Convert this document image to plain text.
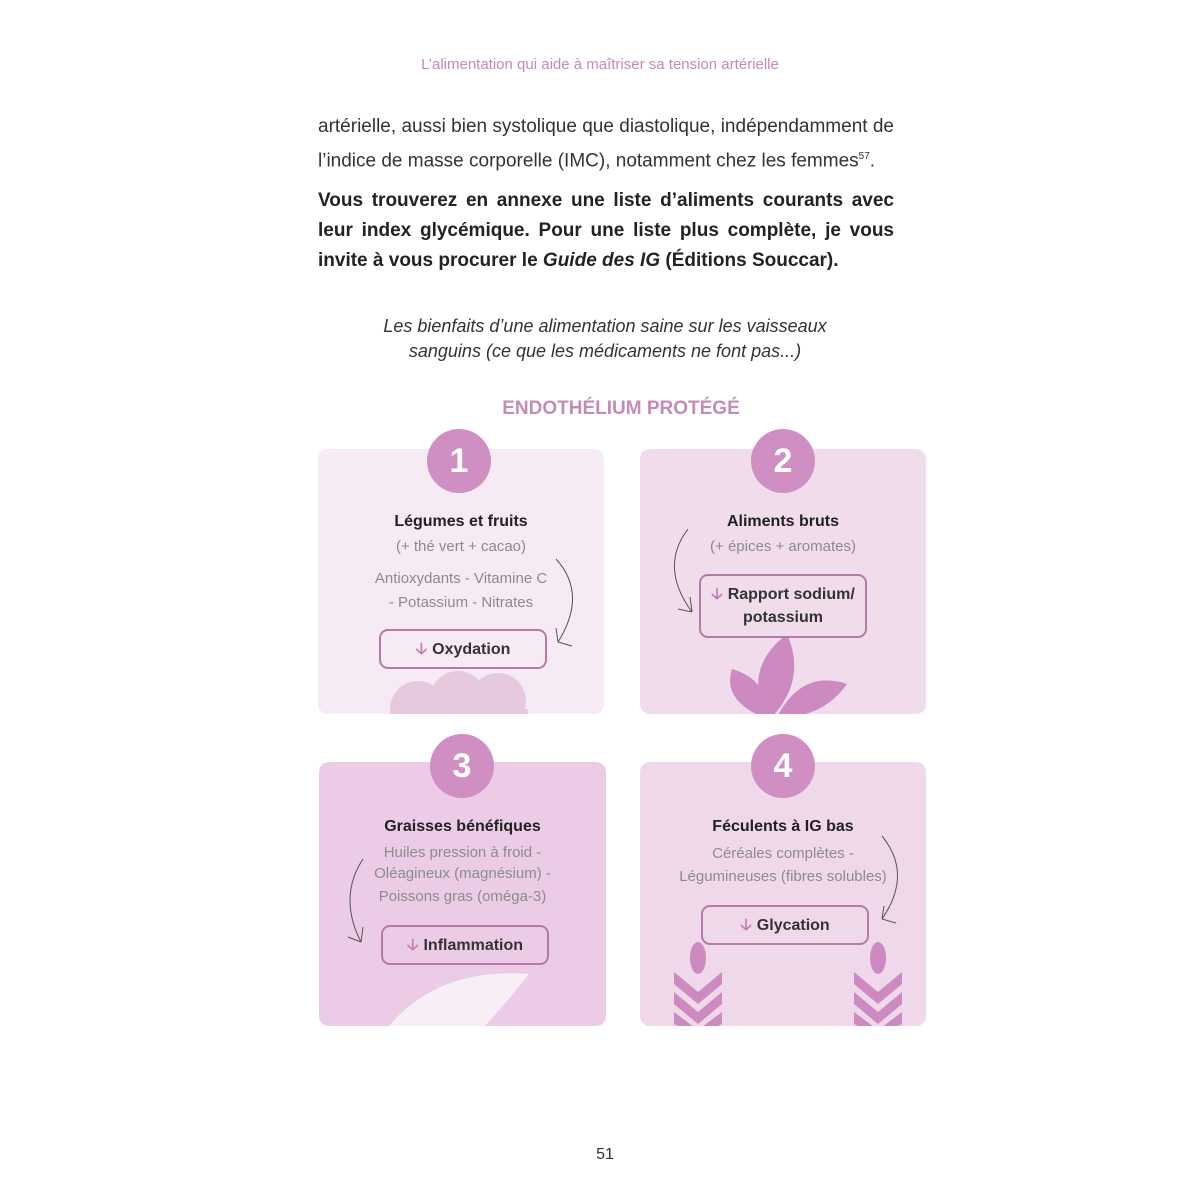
L’alimentation qui aide à maîtriser sa tension artérielle
artérielle, aussi bien systolique que diastolique, indépendamment de l’indice de masse corporelle (IMC), notamment chez les femmes$^{57}$.
Vous trouverez en annexe une liste d’aliments courants avec leur index glycémique. Pour une liste plus complète, je vous invite à vous procurer le Guide des IG (Éditions Souccar).
Les bienfaits d’une alimentation saine sur les vaisseaux
sanguins (ce que les médicaments ne font pas...)
ENDOTHÉLIUM PROTÉGÉ
Légumes et fruits
(+ thé vert + cacao)
Antioxydants - Vitamine C
- Potassium - Nitrates
🡣 Oxydation
1
Aliments bruts
(+ épices + aromates)
🡣 Rapport sodium/
potassium
2
Graisses bénéfiques
Huiles pression à froid -
Oléagineux (magnésium) -
Poissons gras (oméga-3)
🡣 Inflammation
3
Féculents à IG bas
Céréales complètes -
Légumineuses (fibres solubles)
🡣 Glycation
4
51
